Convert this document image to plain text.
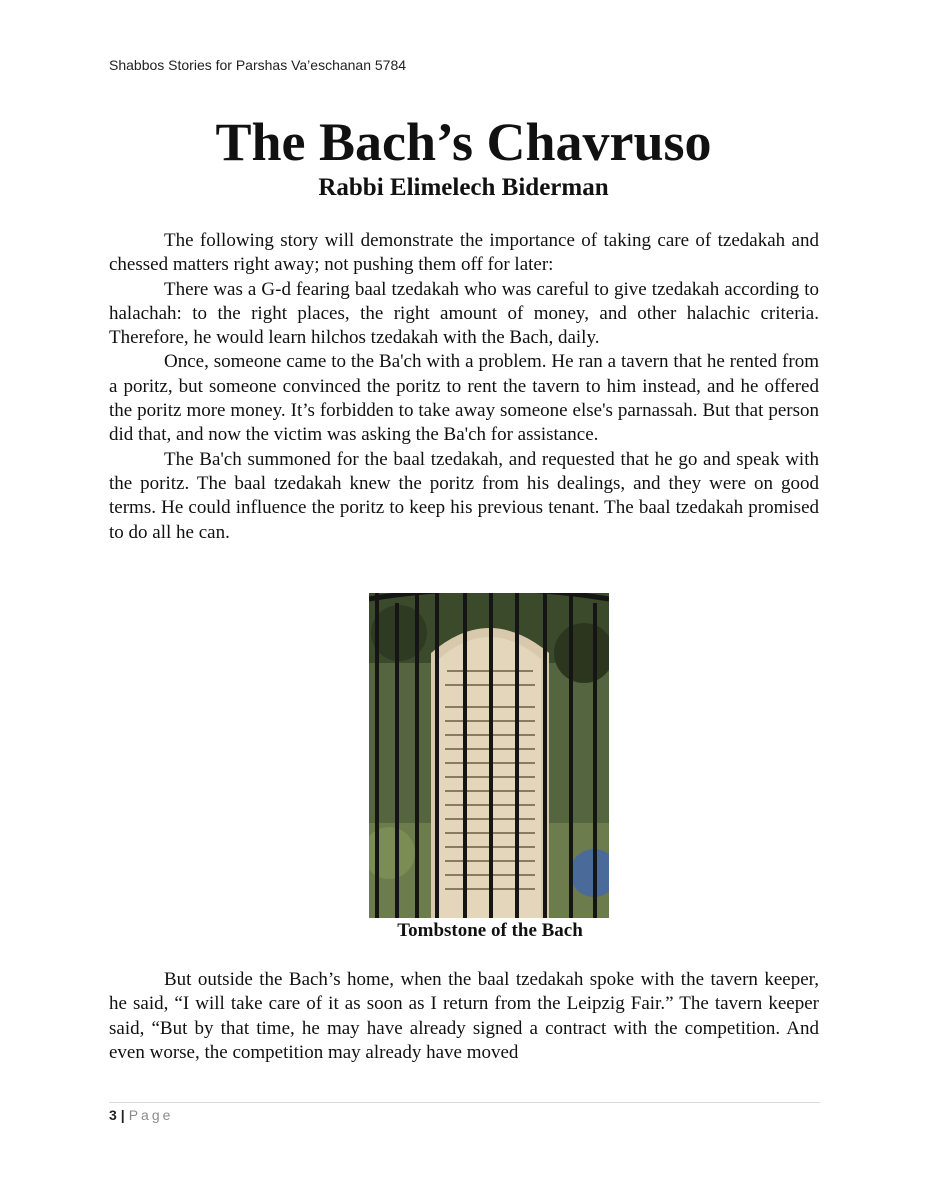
Shabbos Stories for Parshas Va’eschanan 5784
The Bach’s Chavruso
Rabbi Elimelech Biderman

The following story will demonstrate the importance of taking care of tzedakah and chessed matters right away; not pushing them off for later:

There was a G-d fearing baal tzedakah who was careful to give tzedakah according to halachah: to the right places, the right amount of money, and other halachic criteria. Therefore, he would learn hilchos tzedakah with the Bach, daily.

Once, someone came to the Ba'ch with a problem. He ran a tavern that he rented from a poritz, but someone convinced the poritz to rent the tavern to him instead, and he offered the poritz more money. It’s forbidden to take away someone else's parnassah. But that person did that, and now the victim was asking the Ba'ch for assistance.

The Ba'ch summoned for the baal tzedakah, and requested that he go and speak with the poritz. The baal tzedakah knew the poritz from his dealings, and they were on good terms. He could influence the poritz to keep his previous tenant. The baal tzedakah promised to do all he can.

Tombstone of the Bach

But outside the Bach’s home, when the baal tzedakah spoke with the tavern keeper, he said, “I will take care of it as soon as I return from the Leipzig Fair.” The tavern keeper said, “But by that time, he may have already signed a contract with the competition. And even worse, the competition may already have moved

3 | Page
